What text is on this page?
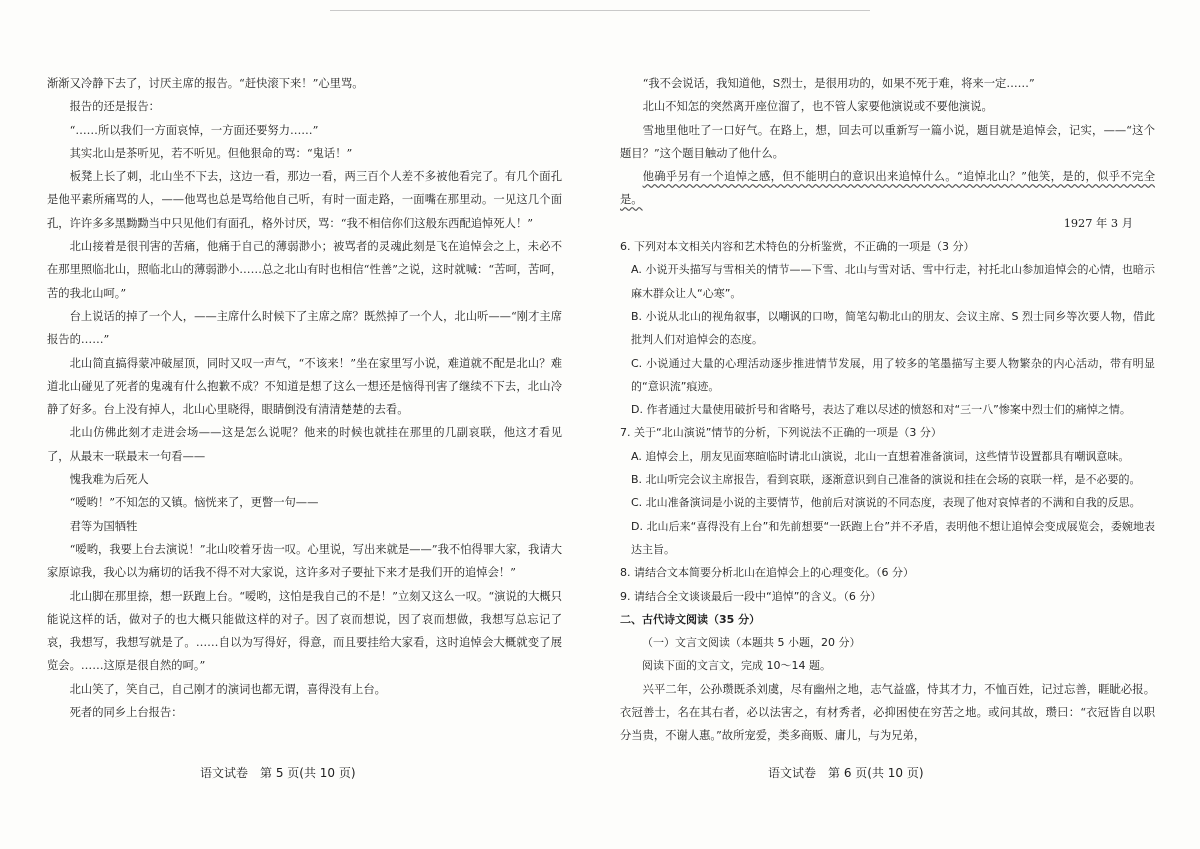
渐渐又冷静下去了，讨厌主席的报告。“赶快滚下来！”心里骂。

报告的还是报告：

“……所以我们一方面哀悼，一方面还要努力……”

其实北山是茶听见，若不听见。但他狠命的骂：“鬼话！”

板凳上长了刺，北山坐不下去，这边一看，那边一看，两三百个人差不多被他看完了。有几个面孔是他平素所痛骂的人，——他骂也总是骂给他自己听，有时一面走路，一面嘴在那里动。一见这几个面孔，许许多多黑黝黝当中只见他们有面孔，格外讨厌，骂：“我不相信你们这般东西配追悼死人！”

北山接着是很刊害的苦痛，他痛于自己的薄弱渺小；被骂者的灵魂此刻是飞在追悼会之上，未必不在那里照临北山，照临北山的薄弱渺小……总之北山有时也相信“性善”之说，这时就喊：“苦呵，苦呵，苦的我北山呵。”

台上说话的掉了一个人，——主席什么时候下了主席之席？既然掉了一个人，北山听——“刚才主席报告的……”

北山简直搞得蒙冲破屋顶，同时又叹一声气，“不该来！”坐在家里写小说，难道就不配是北山？难道北山碰见了死者的鬼魂有什么抱歉不成？不知道是想了这么一想还是恼得刊害了继续不下去，北山冷静了好多。台上没有掉人，北山心里晓得，眼睛倒没有清清楚楚的去看。

北山仿佛此刻才走进会场——这是怎么说呢？他来的时候也就挂在那里的几副哀联，他这才看见了，从最末一联最末一句看——

愧我难为后死人

“嗳哟！”不知怎的又镇。恼恍来了，更瞥一句——

君等为国牺牲

“嗳哟，我要上台去演说！”北山咬着牙齿一叹。心里说，写出来就是——”我不怕得罪大家，我请大家原谅我，我心以为痛切的话我不得不对大家说，这许多对子要扯下来才是我们开的追悼会！”

北山脚在那里捺，想一跃跑上台。“嗳哟，这怕是我自己的不是！”立刻又这么一叹。“演说的大概只能说这样的话，做对子的也大概只能做这样的对子。因了哀而想说，因了哀而想做，我想写总忘记了哀，我想写，我想写就是了。……自以为写得好，得意，而且要挂给大家看，这时追悼会大概就变了展览会。……这原是很自然的呵。”

北山笑了，笑自己，自己刚才的演词也都无谓，喜得没有上台。

死者的同乡上台报告：

“我不会说话，我知道他，S烈士，是很用功的，如果不死于难，将来一定……”

北山不知怎的突然离开座位溜了，也不管人家要他演说或不要他演说。

雪地里他吐了一口好气。在路上，想，回去可以重新写一篇小说，题目就是追悼会，记实，——“这个题目？”这个题目触动了他什么。

他确乎另有一个追悼之感，但不能明白的意识出来追悼什么。“追悼北山？”他笑，是的，似乎不完全是。

1927 年 3 月

6. 下列对本文相关内容和艺术特色的分析鉴赏，不正确的一项是（3 分）

A. 小说开头描写与雪相关的情节——下雪、北山与雪对话、雪中行走，衬托北山参加追悼会的心情，也暗示麻木群众让人“心寒”。

B. 小说从北山的视角叙事，以嘲讽的口吻，简笔勾勒北山的朋友、会议主席、S 烈士同乡等次要人物，借此批判人们对追悼会的态度。

C. 小说通过大量的心理活动逐步推进情节发展，用了较多的笔墨描写主要人物繁杂的内心活动，带有明显的“意识流”痕迹。

D. 作者通过大量使用破折号和省略号，表达了难以尽述的愤怒和对“三一八”惨案中烈士们的痛悼之情。

7. 关于“北山演说”情节的分析，下列说法不正确的一项是（3 分）

A. 追悼会上，朋友见面寒暄临时请北山演说，北山一直想着准备演词，这些情节设置都具有嘲讽意味。

B. 北山听完会议主席报告，看到哀联，逐渐意识到自己准备的演说和挂在会场的哀联一样，是不必要的。

C. 北山准备演词是小说的主要情节，他前后对演说的不同态度，表现了他对哀悼者的不满和自我的反思。

D. 北山后来“喜得没有上台”和先前想要“一跃跑上台”并不矛盾，表明他不想让追悼会变成展览会，委婉地表达主旨。

8. 请结合文本简要分析北山在追悼会上的心理变化。（6 分）

9. 请结合全文谈谈最后一段中“追悼”的含义。（6 分）

二、古代诗文阅读（35 分）

（一）文言文阅读（本题共 5 小题，20 分）

阅读下面的文言文，完成 10～14 题。

兴平二年，公孙瓒既杀刘虞，尽有幽州之地，志气益盛，恃其才力，不恤百姓，记过忘善，睚眦必报。衣冠善士，名在其右者，必以法害之，有材秀者，必抑困使在穷苦之地。或问其故，瓒曰：“衣冠皆自以职分当贵，不谢人惠。”故所宠爱，类多商贩、庸儿，与为兄弟，

语文试卷　第 5 页(共 10 页)	语文试卷　第 6 页(共 10 页)
